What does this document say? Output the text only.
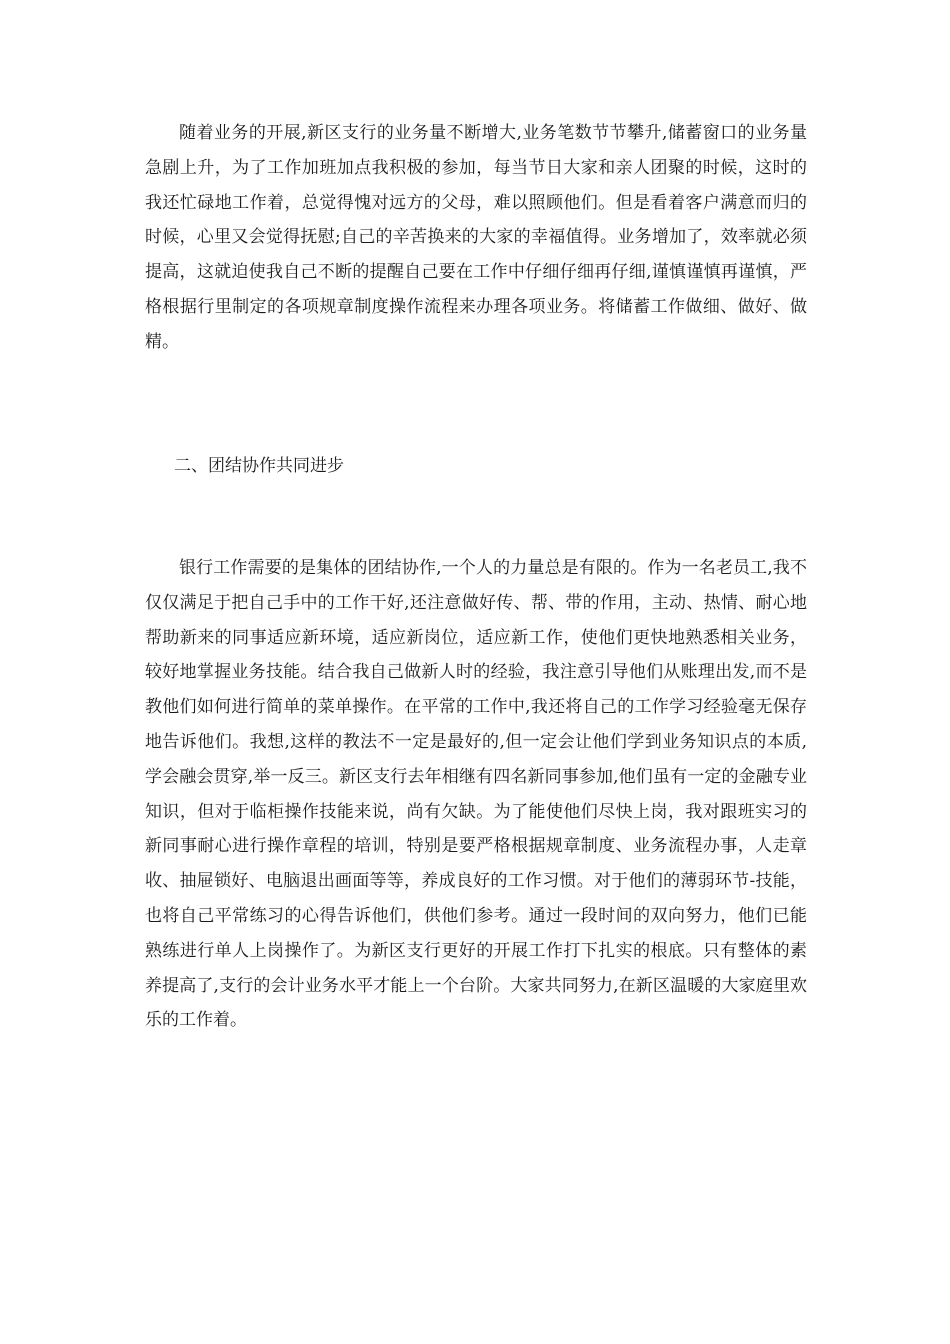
随着业务的开展,新区支行的业务量不断增大,业务笔数节节攀升,储蓄窗口的业务量急剧上升，为了工作加班加点我积极的参加，每当节日大家和亲人团聚的时候，这时的我还忙碌地工作着，总觉得愧对远方的父母，难以照顾他们。但是看着客户满意而归的时候，心里又会觉得抚慰;自己的辛苦换来的大家的幸福值得。业务增加了，效率就必须提高，这就迫使我自己不断的提醒自己要在工作中仔细仔细再仔细,谨慎谨慎再谨慎，严格根据行里制定的各项规章制度操作流程来办理各项业务。将储蓄工作做细、做好、做精。

二、团结协作共同进步

银行工作需要的是集体的团结协作,一个人的力量总是有限的。作为一名老员工,我不仅仅满足于把自己手中的工作干好,还注意做好传、帮、带的作用，主动、热情、耐心地帮助新来的同事适应新环境，适应新岗位，适应新工作，使他们更快地熟悉相关业务，较好地掌握业务技能。结合我自己做新人时的经验，我注意引导他们从账理出发,而不是教他们如何进行简单的菜单操作。在平常的工作中,我还将自己的工作学习经验毫无保存地告诉他们。我想,这样的教法不一定是最好的,但一定会让他们学到业务知识点的本质,学会融会贯穿,举一反三。新区支行去年相继有四名新同事参加,他们虽有一定的金融专业知识，但对于临柜操作技能来说，尚有欠缺。为了能使他们尽快上岗，我对跟班实习的新同事耐心进行操作章程的培训，特别是要严格根据规章制度、业务流程办事，人走章收、抽屉锁好、电脑退出画面等等，养成良好的工作习惯。对于他们的薄弱环节-技能，也将自己平常练习的心得告诉他们，供他们参考。通过一段时间的双向努力，他们已能熟练进行单人上岗操作了。为新区支行更好的开展工作打下扎实的根底。只有整体的素养提高了,支行的会计业务水平才能上一个台阶。大家共同努力,在新区温暖的大家庭里欢乐的工作着。
